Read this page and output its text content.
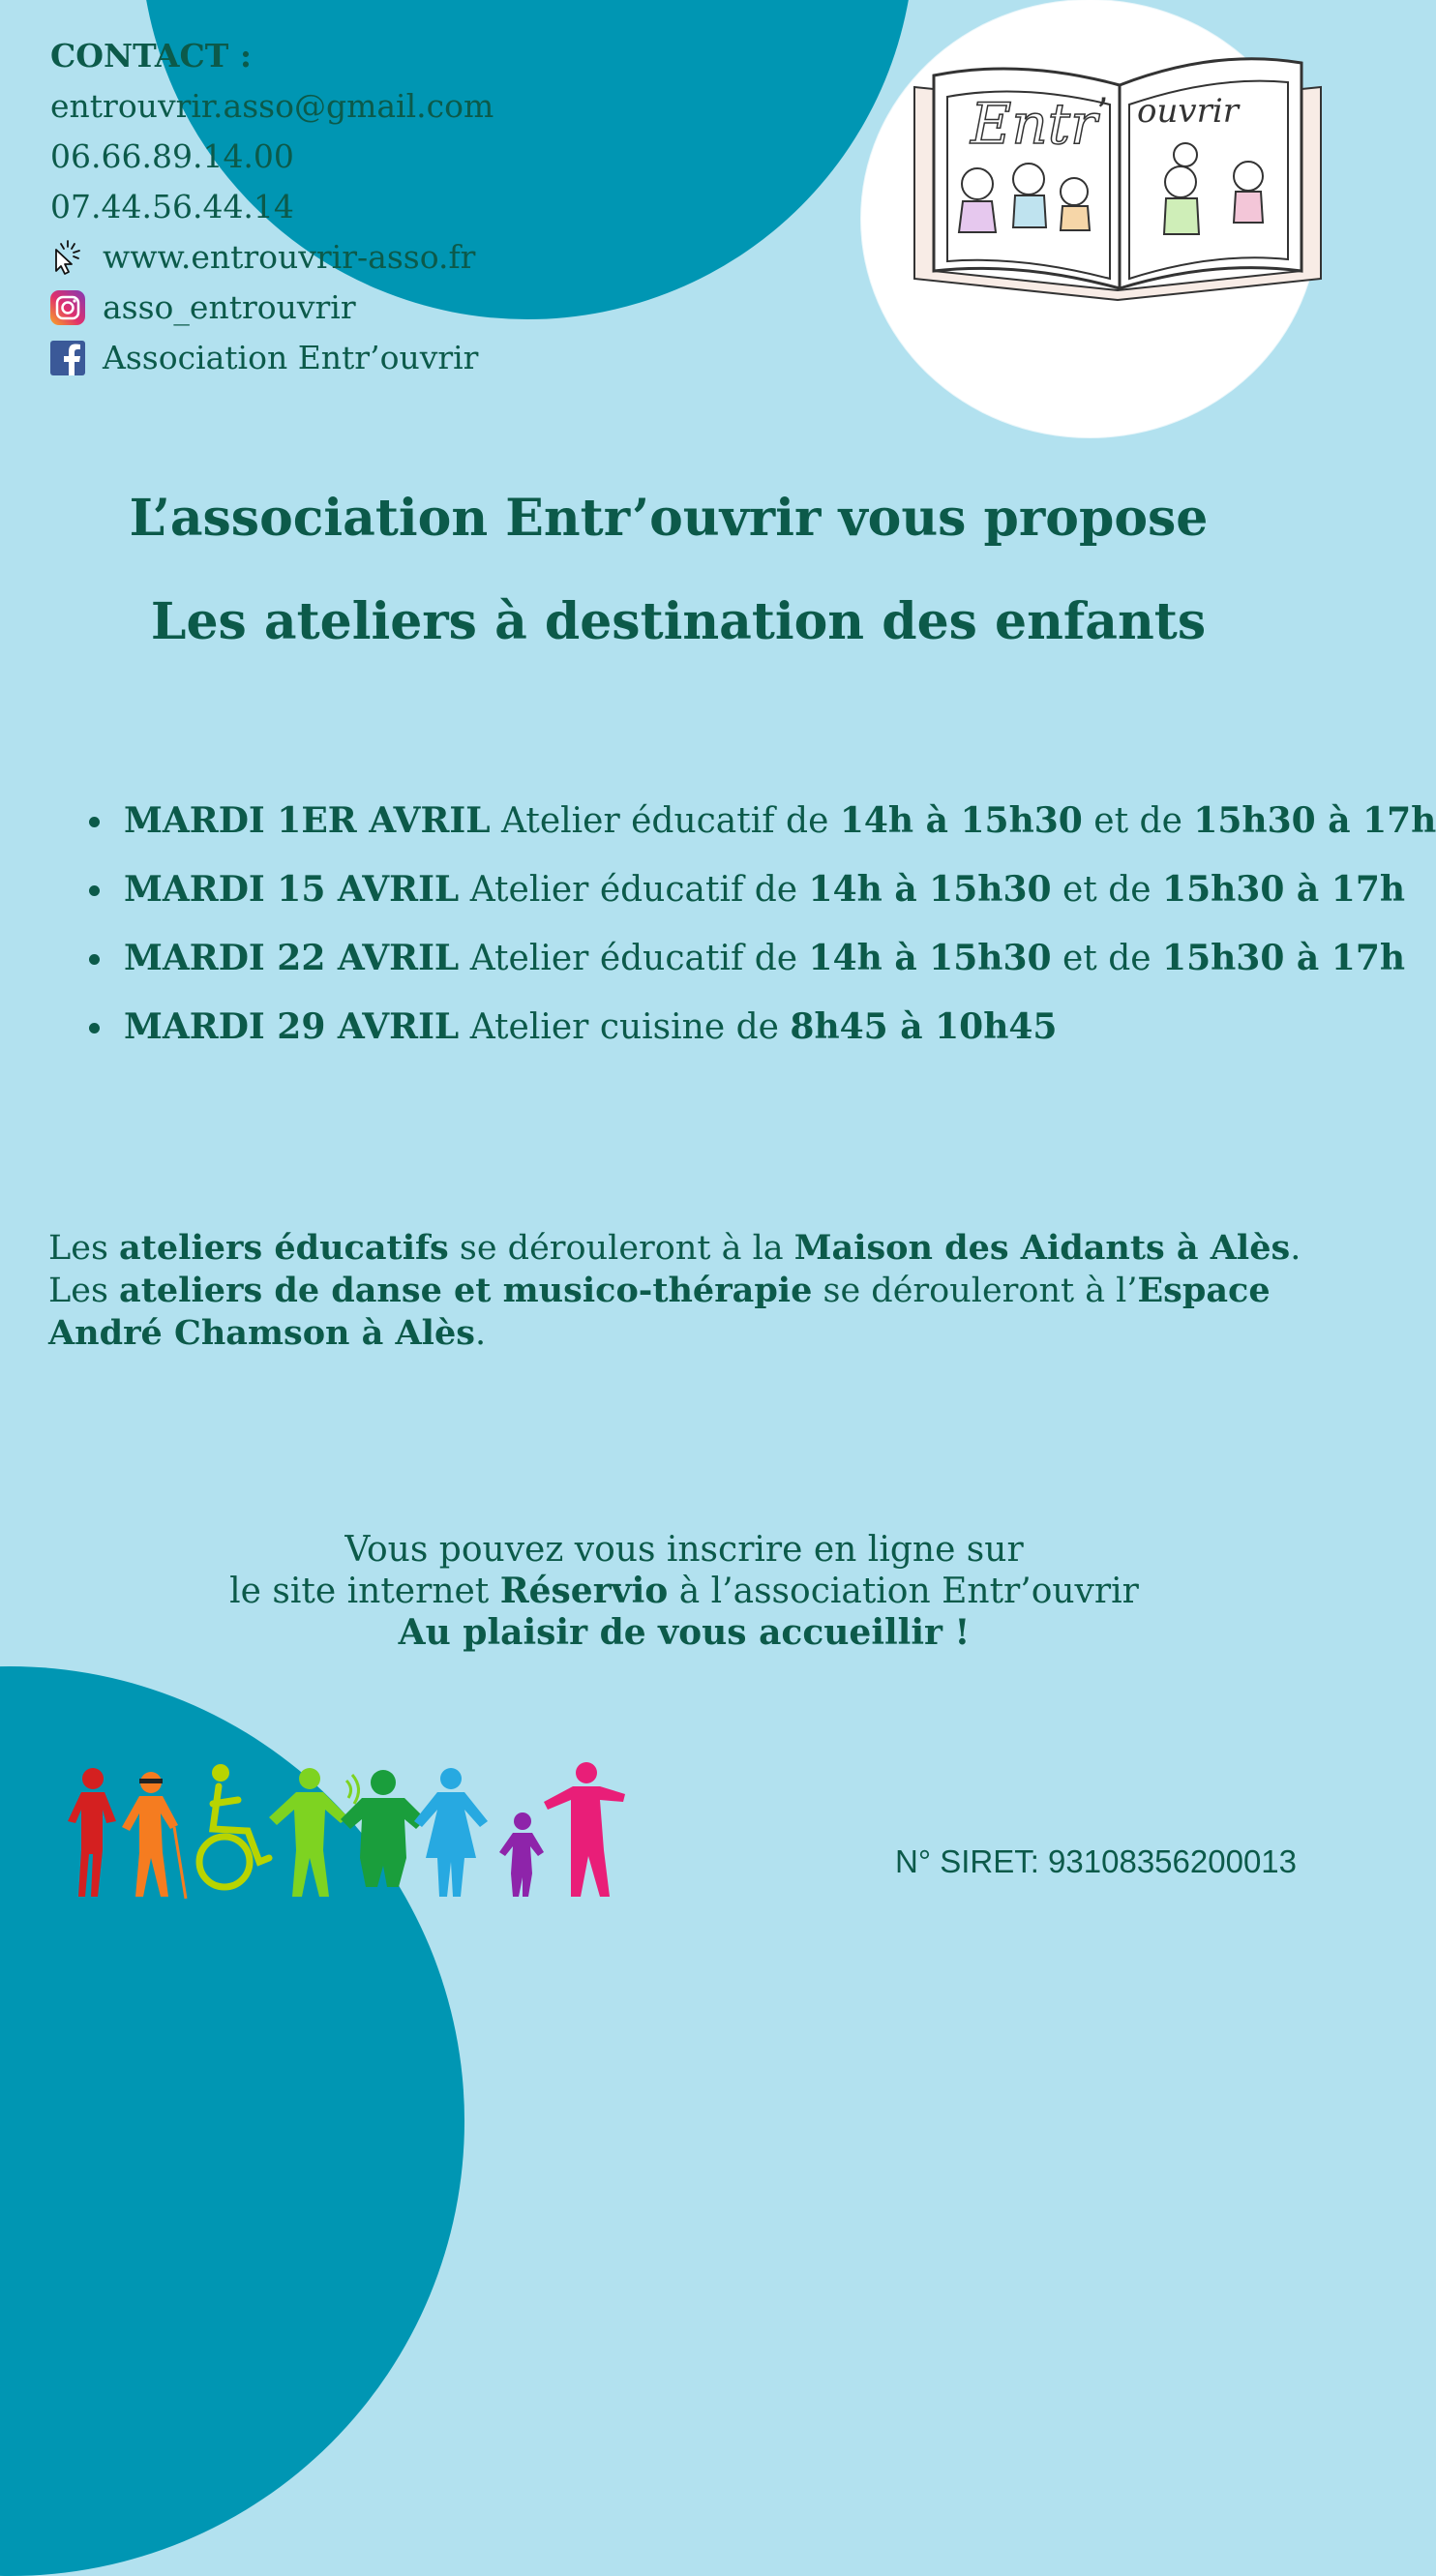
Entr ’ ouvrir
CONTACT :
entrouvrir.asso@gmail.com
06.66.89.14.00
07.44.56.44.14
www.entrouvrir-asso.fr
asso_entrouvrir
Association Entr’ouvrir
L’association Entr’ouvrir vous propose
Les ateliers à destination des enfants
MARDI 1ER AVRIL Atelier éducatif de 14h à 15h30 et de 15h30 à 17h
MARDI 15 AVRIL Atelier éducatif de 14h à 15h30 et de 15h30 à 17h
MARDI 22 AVRIL Atelier éducatif de 14h à 15h30 et de 15h30 à 17h
MARDI 29 AVRIL Atelier cuisine de 8h45 à 10h45
Les ateliers éducatifs se dérouleront à la Maison des Aidants à Alès.
Les ateliers de danse et musico-thérapie se dérouleront à l’Espace André Chamson à Alès.
Vous pouvez vous inscrire en ligne sur
le site internet Réservio à l’association Entr’ouvrir
Au plaisir de vous accueillir !
N° SIRET: 93108356200013
